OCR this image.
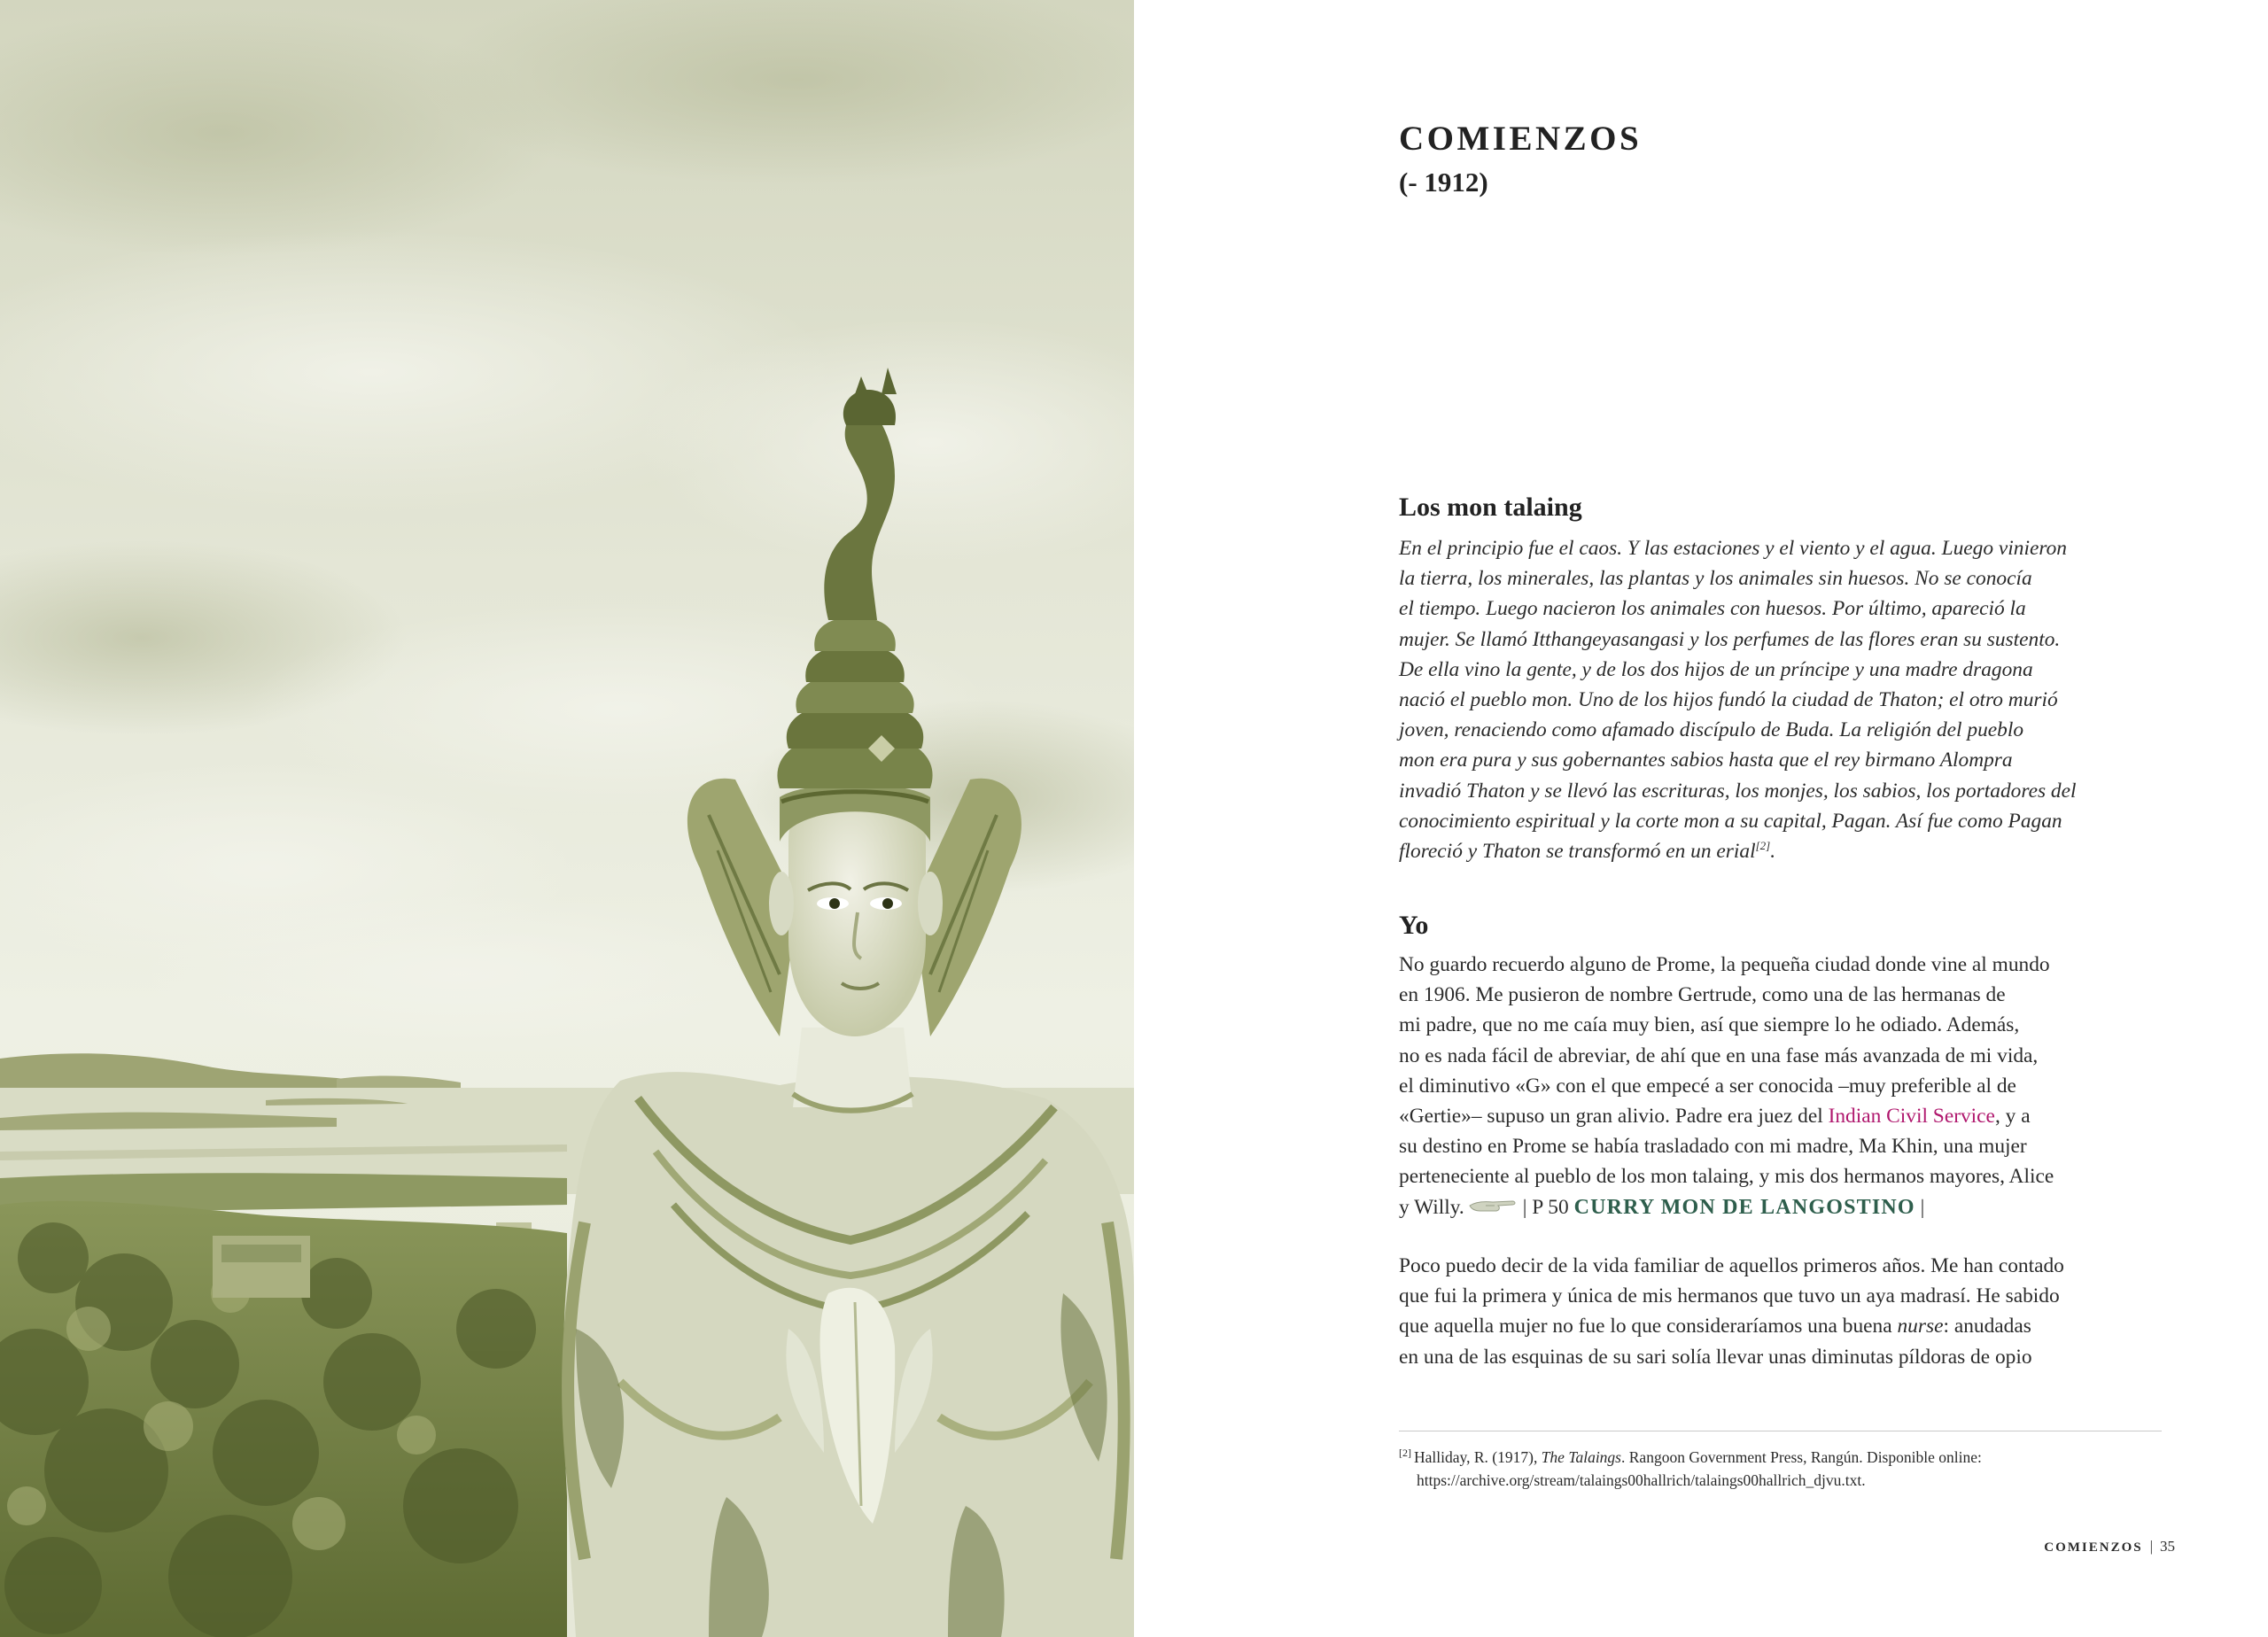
COMIENZOS
(- 1912)
Los mon talaing
En el principio fue el caos. Y las estaciones y el viento y el agua. Luego vinieron
la tierra, los minerales, las plantas y los animales sin huesos. No se conocía
el tiempo. Luego nacieron los animales con huesos. Por último, apareció la
mujer. Se llamó Itthangeyasangasi y los perfumes de las flores eran su sustento.
De ella vino la gente, y de los dos hijos de un príncipe y una madre dragona
nació el pueblo mon. Uno de los hijos fundó la ciudad de Thaton; el otro murió
joven, renaciendo como afamado discípulo de Buda. La religión del pueblo
mon era pura y sus gobernantes sabios hasta que el rey birmano Alompra
invadió Thaton y se llevó las escrituras, los monjes, los sabios, los portadores del
conocimiento espiritual y la corte mon a su capital, Pagan. Así fue como Pagan
floreció y Thaton se transformó en un erial[2].
Yo
No guardo recuerdo alguno de Prome, la pequeña ciudad donde vine al mundo
en 1906. Me pusieron de nombre Gertrude, como una de las hermanas de
mi padre, que no me caía muy bien, así que siempre lo he odiado. Además,
no es nada fácil de abreviar, de ahí que en una fase más avanzada de mi vida,
el diminutivo «G» con el que empecé a ser conocida –muy preferible al de
«Gertie»– supuso un gran alivio. Padre era juez del Indian Civil Service, y a
su destino en Prome se había trasladado con mi madre, Ma Khin, una mujer
perteneciente al pueblo de los mon talaing, y mis dos hermanos mayores, Alice
y Willy.	| P 50 CURRY MON DE LANGOSTINO |
Poco puedo decir de la vida familiar de aquellos primeros años. Me han contado
que fui la primera y única de mis hermanos que tuvo un aya madrasí. He sabido
que aquella mujer no fue lo que consideraríamos una buena nurse: anudadas
en una de las esquinas de su sari solía llevar unas diminutas píldoras de opio
[2] Halliday, R. (1917), The Talaings. Rangoon Government Press, Rangún. Disponible online:
https://archive.org/stream/talaings00hallrich/talaings00hallrich_djvu.txt.
COMIENZOS | 35
